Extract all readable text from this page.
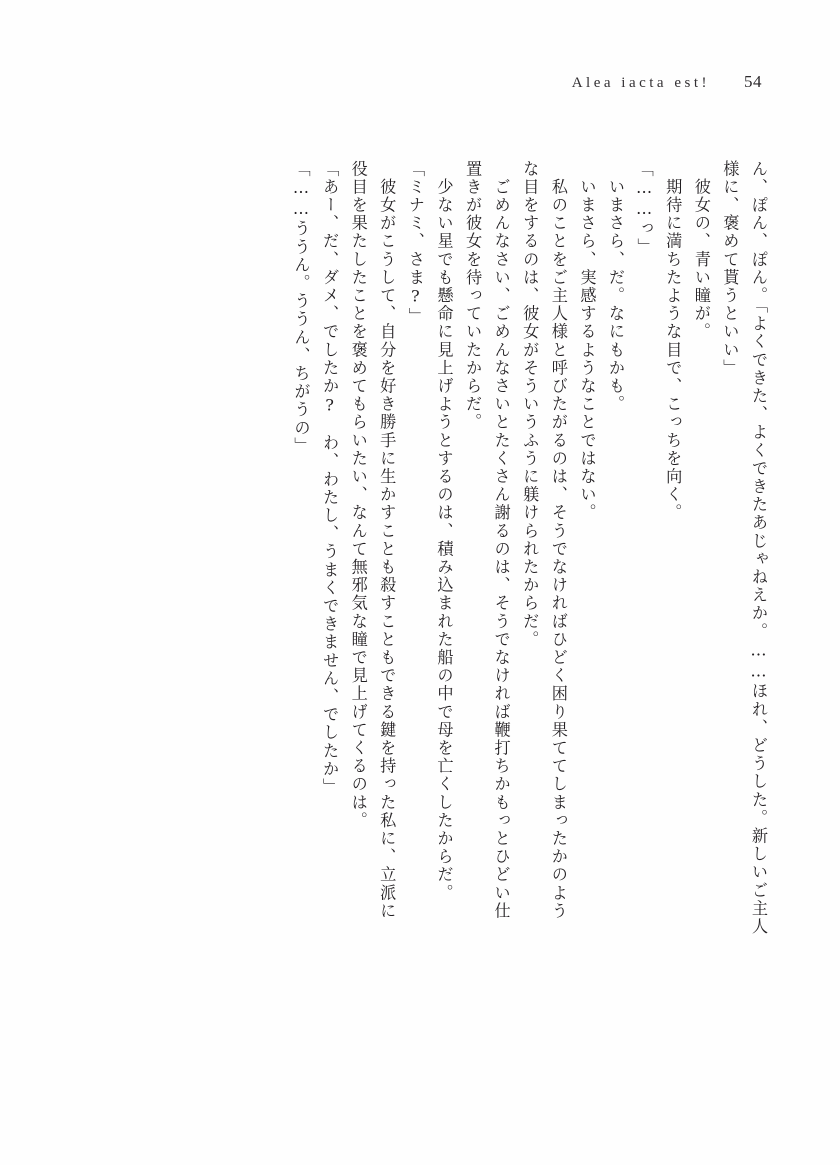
Alea iacta est! 54
ん、ぽん、ぽん。「よくできた、よくできたあじゃねえか。……ほれ、どうした。新しいご主人
様に、褒めて貰うといい」
　彼女の、青い瞳が。
　期待に満ちたような目で、こっちを向く。
「……っ」
　いまさら、だ。なにもかも。
　いまさら、実感するようなことではない。
　私のことをご主人様と呼びたがるのは、そうでなければひどく困り果ててしまったかのよう
な目をするのは、彼女がそういうふうに躾けられたからだ。
　ごめんなさい、ごめんなさいとたくさん謝るのは、そうでなければ鞭打ちかもっとひどい仕
置きが彼女を待っていたからだ。
　少ない星でも懸命に見上げようとするのは、積み込まれた船の中で母を亡くしたからだ。
「ミナミ、さま?」
　彼女がこうして、自分を好き勝手に生かすことも殺すこともできる鍵を持った私に、立派に
役目を果たしたことを褒めてもらいたい、なんて無邪気な瞳で見上げてくるのは。
「あー、だ、ダメ、でしたか?　わ、わたし、うまくできません、でしたか」
「……ううん。ううん、ちがうの」
